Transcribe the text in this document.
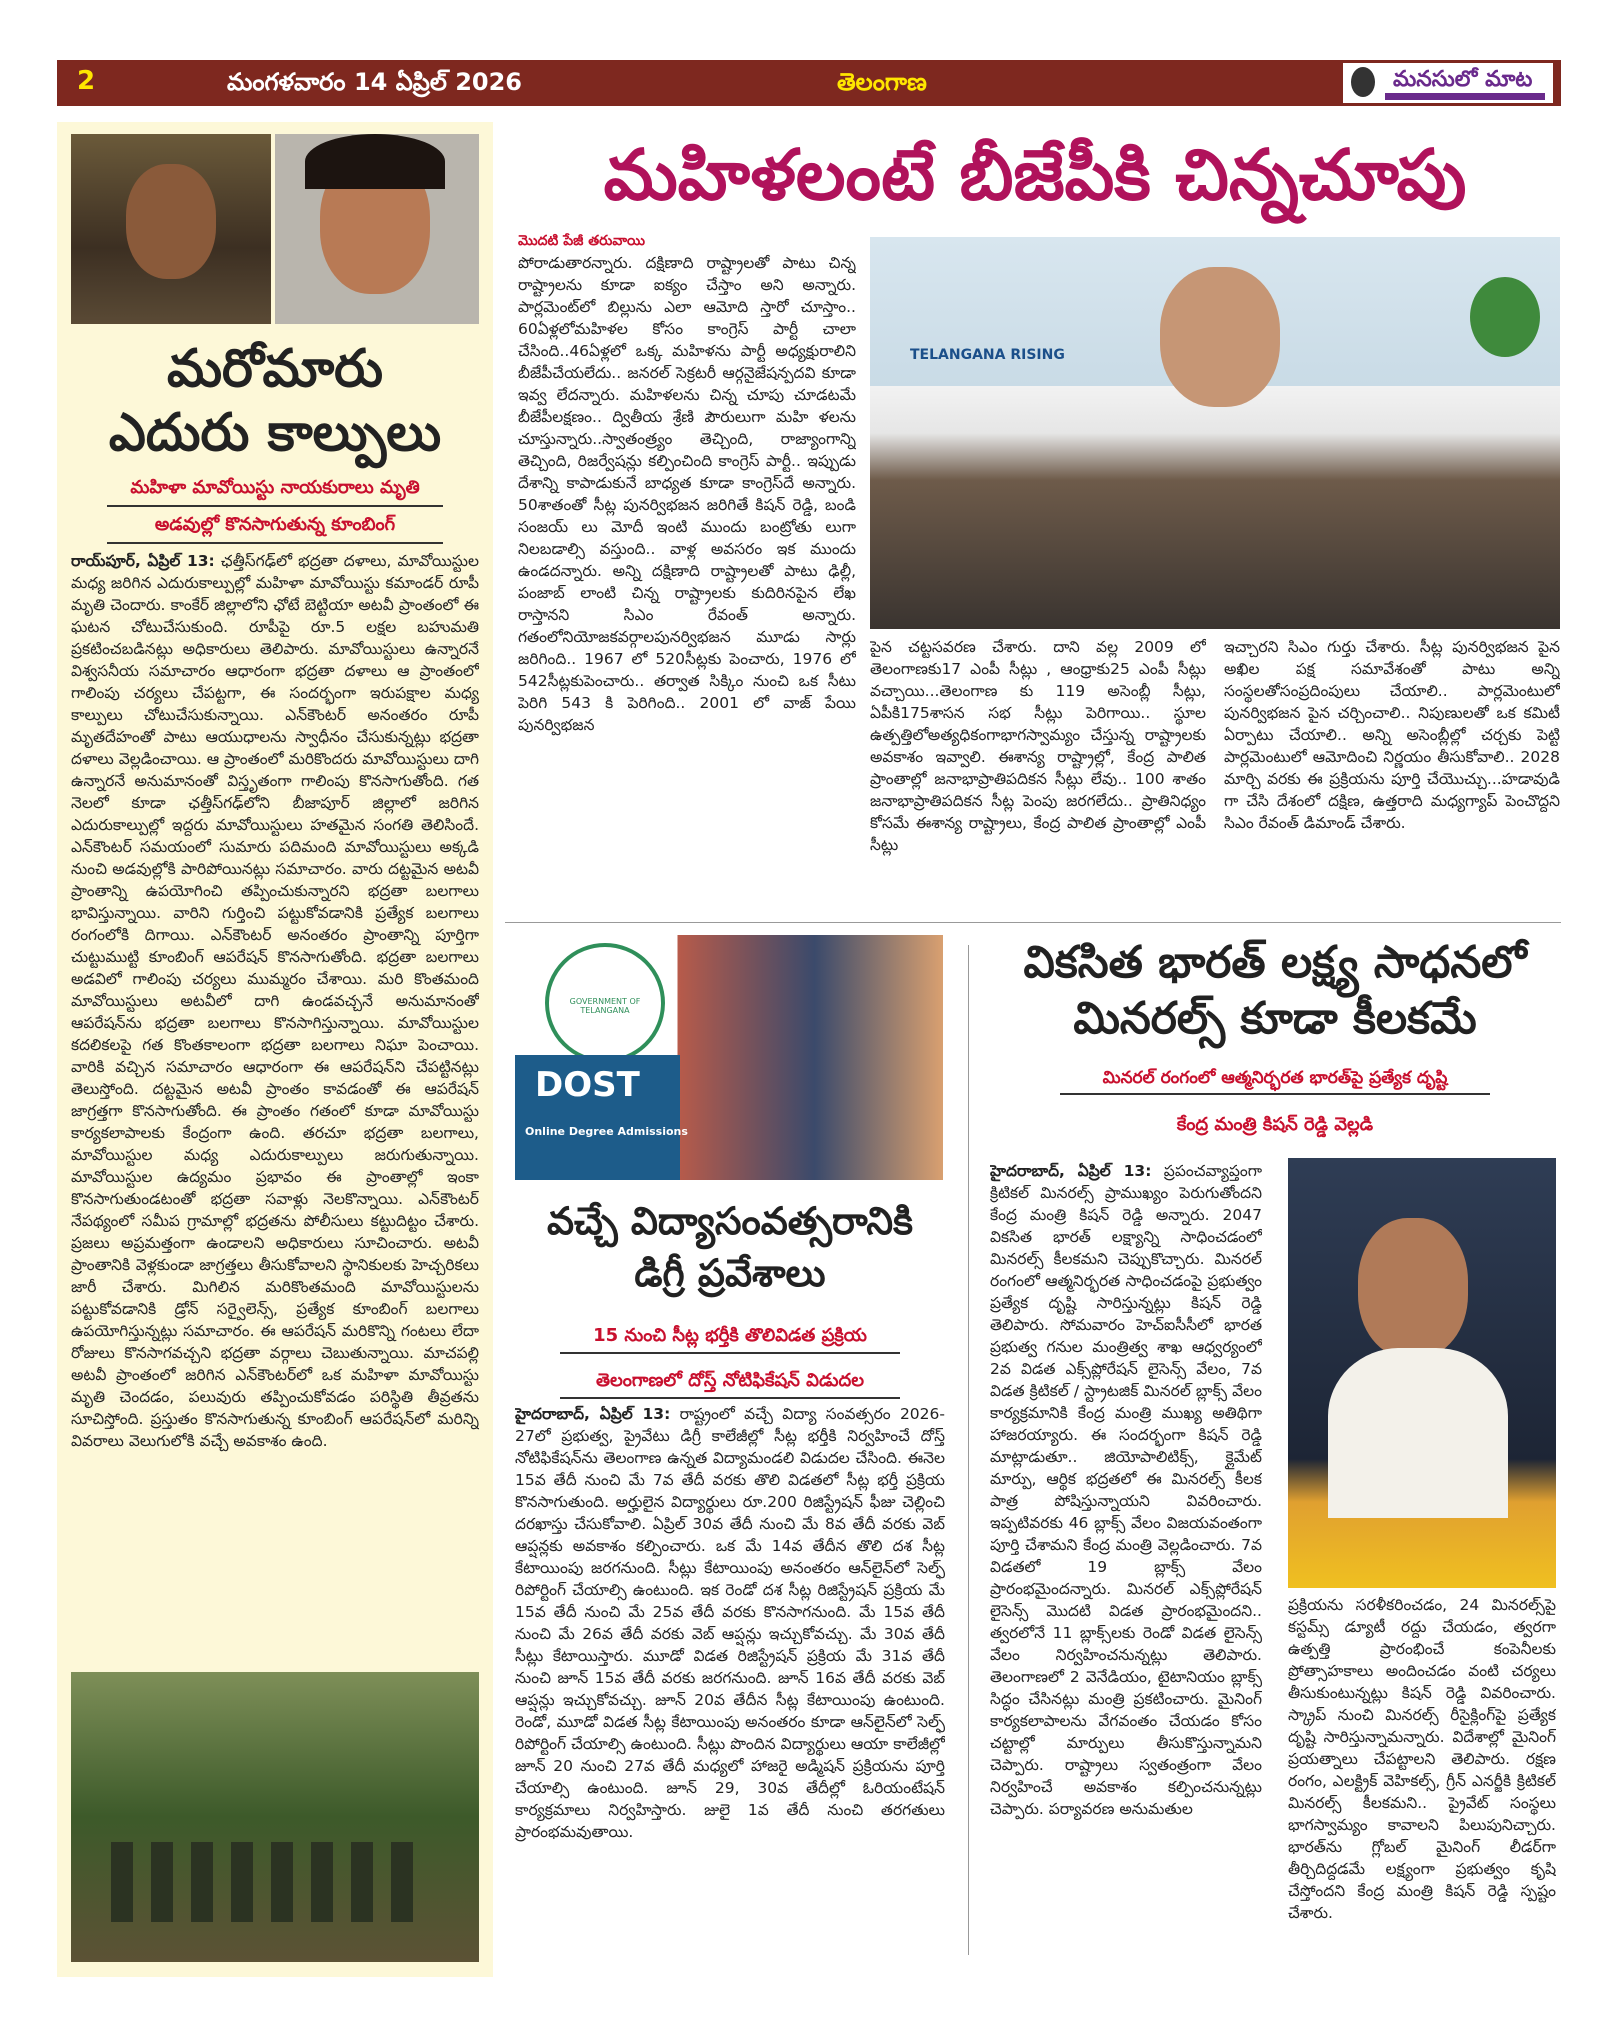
2	మంగళవారం 14 ఏప్రిల్ 2026	తెలంగాణ	మనసులో మాట
మరోమారు
ఎదురు కాల్పులు
మహిళా మావోయిస్టు నాయకురాలు మృతి
అడవుల్లో కొనసాగుతున్న కూంబింగ్
రాయ్‌పూర్, ఏప్రిల్ 13: ఛత్తీస్‌గఢ్‌లో భద్రతా దళాలు, మావోయిస్టుల మధ్య జరిగిన ఎదురుకాల్పుల్లో మహిళా మావోయిస్టు కమాండర్ రూపీ మృతి చెందారు. కాంకేర్ జిల్లాలోని ఛోటే బెట్టియా అటవీ ప్రాంతంలో ఈ ఘటన చోటుచేసుకుంది. రూపీపై రూ.5 లక్షల బహుమతి ప్రకటించబడినట్లు అధికారులు తెలిపారు. మావోయిస్టులు ఉన్నారనే విశ్వసనీయ సమాచారం ఆధారంగా భద్రతా దళాలు ఆ ప్రాంతంలో గాలింపు చర్యలు చేపట్టగా, ఈ సందర్భంగా ఇరుపక్షాల మధ్య కాల్పులు చోటుచేసుకున్నాయి. ఎన్‌కౌంటర్ అనంతరం రూపీ మృతదేహంతో పాటు ఆయుధాలను స్వాధీనం చేసుకున్నట్లు భద్రతా దళాలు వెల్లడించాయి. ఆ ప్రాంతంలో మరికొందరు మావోయిస్టులు దాగి ఉన్నారనే అనుమానంతో విస్తృతంగా గాలింపు కొనసాగుతోంది. గత నెలలో కూడా ఛత్తీస్‌గఢ్‌లోని బీజాపూర్ జిల్లాలో జరిగిన ఎదురుకాల్పుల్లో ఇద్దరు మావోయిస్టులు హతమైన సంగతి తెలిసిందే. ఎన్‌కౌంటర్ సమయంలో సుమారు పదిమంది మావోయిస్టులు అక్కడి నుంచి అడవుల్లోకి పారిపోయినట్లు సమాచారం. వారు దట్టమైన అటవీ ప్రాంతాన్ని ఉపయోగించి తప్పించుకున్నారని భద్రతా బలగాలు భావిస్తున్నాయి. వారిని గుర్తించి పట్టుకోవడానికి ప్రత్యేక బలగాలు రంగంలోకి దిగాయి. ఎన్‌కౌంటర్ అనంతరం ప్రాంతాన్ని పూర్తిగా చుట్టుముట్టి కూంబింగ్ ఆపరేషన్ కొనసాగుతోంది. భద్రతా బలగాలు అడవిలో గాలింపు చర్యలు ముమ్మరం చేశాయి. మరి కొంతమంది మావోయిస్టులు అటవీలో దాగి ఉండవచ్చనే అనుమానంతో ఆపరేషన్‌ను భద్రతా బలగాలు కొనసాగిస్తున్నాయి. మావోయిస్టుల కదలికలపై గత కొంతకాలంగా భద్రతా బలగాలు నిఘా పెంచాయి. వారికి వచ్చిన సమాచారం ఆధారంగా ఈ ఆపరేషన్‌ని చేపట్టినట్లు తెలుస్తోంది. దట్టమైన అటవీ ప్రాంతం కావడంతో ఈ ఆపరేషన్ జాగ్రత్తగా కొనసాగుతోంది. ఈ ప్రాంతం గతంలో కూడా మావోయిస్టు కార్యకలాపాలకు కేంద్రంగా ఉంది. తరచూ భద్రతా బలగాలు, మావోయిస్టుల మధ్య ఎదురుకాల్పులు జరుగుతున్నాయి. మావోయిస్టుల ఉద్యమం ప్రభావం ఈ ప్రాంతాల్లో ఇంకా కొనసాగుతుండటంతో భద్రతా సవాళ్లు నెలకొన్నాయి. ఎన్‌కౌంటర్ నేపథ్యంలో సమీప గ్రామాల్లో భద్రతను పోలీసులు కట్టుదిట్టం చేశారు. ప్రజలు అప్రమత్తంగా ఉండాలని అధికారులు సూచించారు. అటవీ ప్రాంతానికి వెళ్లకుండా జాగ్రత్తలు తీసుకోవాలని స్థానికులకు హెచ్చరికలు జారీ చేశారు. మిగిలిన మరికొంతమంది మావోయిస్టులను పట్టుకోవడానికి డ్రోన్ సర్వైలెన్స్, ప్రత్యేక కూంబింగ్ బలగాలు ఉపయోగిస్తున్నట్లు సమాచారం. ఈ ఆపరేషన్ మరికొన్ని గంటలు లేదా రోజులు కొనసాగవచ్చని భద్రతా వర్గాలు చెబుతున్నాయి. మాచపల్లి అటవీ ప్రాంతంలో జరిగిన ఎన్‌కౌంటర్‌లో ఒక మహిళా మావోయిస్టు మృతి చెందడం, పలువురు తప్పించుకోవడం పరిస్థితి తీవ్రతను సూచిస్తోంది. ప్రస్తుతం కొనసాగుతున్న కూంబింగ్ ఆపరేషన్‌లో మరిన్ని వివరాలు వెలుగులోకి వచ్చే అవకాశం ఉంది.
మహిళలంటే బీజేపీకి చిన్నచూపు
మొదటి పేజీ తరువాయి
పోరాడుతారన్నారు. దక్షిణాది రాష్ట్రాలతో పాటు చిన్న రాష్ట్రాలను కూడా ఐక్యం చేస్తాం అని అన్నారు. పార్లమెంట్‌లో బిల్లును ఎలా ఆమోది స్తారో చూస్తాం.. 60ఏళ్లలోమహిళల కోసం కాంగ్రెస్ పార్టీ చాలా చేసింది..46ఏళ్లలో ఒక్క మహిళను పార్టీ అధ్యక్షురాలిని బీజేపీచేయలేదు.. జనరల్ సెక్రటరీ ఆర్గనైజేషన్పదవి కూడా ఇవ్వ లేదన్నారు. మహిళలను చిన్న చూపు చూడటమే బీజేపీలక్షణం.. ద్వితీయ శ్రేణి పౌరులుగా మహి ళలను చూస్తున్నారు..స్వాతంత్ర్యం తెచ్చింది, రాజ్యాంగాన్ని తెచ్చింది, రిజర్వేషన్లు కల్పించింది కాంగ్రెస్ పార్టీ.. ఇప్పుడు దేశాన్ని కాపాడుకునే బాధ్యత కూడా కాంగ్రెస్‌దే అన్నారు. 50శాతంతో సీట్ల పునర్విభజన జరిగితే కిషన్ రెడ్డి, బండి సంజయ్ లు మోదీ ఇంటి ముందు బంట్రోతు లుగా నిలబడాల్సి వస్తుంది.. వాళ్ల అవసరం ఇక ముందు ఉండదన్నారు. అన్ని దక్షిణాది రాష్ట్రాలతో పాటు ఢిల్లీ, పంజాబ్ లాంటి చిన్న రాష్ట్రాలకు కుదిరినపైన లేఖ రాస్తానని సిఎం రేవంత్ అన్నారు. గతంలోనియోజకవర్గాలపునర్విభజన మూడు సార్లు జరిగింది.. 1967 లో 520సీట్లకు పెంచారు, 1976 లో 542సీట్లకుపెంచారు.. తర్వాత సిక్కిం నుంచి ఒక సీటు పెరిగి 543 కి పెరిగింది.. 2001 లో వాజ్ పేయి పునర్విభజన
TELANGANA RISING
పైన చట్టసవరణ చేశారు. దాని వల్ల 2009 లో తెలంగాణకు17 ఎంపీ సీట్లు , ఆంధ్రాకు25 ఎంపీ సీట్లు వచ్చాయి...తెలంగాణ కు 119 అసెంబ్లీ సీట్లు, ఏపీకి175శాసన సభ సీట్లు పెరిగాయి.. స్థూల ఉత్పత్తిలోఅత్యధికంగాభాగస్వామ్యం చేస్తున్న రాష్ట్రాలకు అవకాశం ఇవ్వాలి. ఈశాన్య రాష్ట్రాల్లో, కేంద్ర పాలిత ప్రాంతాల్లో జనాభాప్రాతిపదికన సీట్లు లేవు.. 100 శాతం జనాభాప్రాతిపదికన సీట్ల పెంపు జరగలేదు.. ప్రాతినిధ్యం కోసమే ఈశాన్య రాష్ట్రాలు, కేంద్ర పాలిత ప్రాంతాల్లో ఎంపీ సీట్లు
ఇచ్చారని సిఎం గుర్తు చేశారు. సీట్ల పునర్విభజన పైన అఖిల పక్ష సమావేశంతో పాటు అన్ని సంస్థలతోసంప్రదింపులు చేయాలి.. పార్లమెంటులో పునర్విభజన పైన చర్చించాలి.. నిపుణులతో ఒక కమిటీ ఏర్పాటు చేయాలి.. అన్ని అసెంబ్లీల్లో చర్చకు పెట్టి పార్లమెంటులో ఆమోదించి నిర్ణయం తీసుకోవాలి.. 2028 మార్చి వరకు ఈ ప్రక్రియను పూర్తి చేయొచ్చు...హడావుడి గా చేసి దేశంలో దక్షిణ, ఉత్తరాది మధ్యగ్యాప్ పెంచొద్దని సిఎం రేవంత్ డిమాండ్ చేశారు.
GOVERNMENT OF TELANGANA
DOST
Online Degree Admissions
వచ్చే విద్యాసంవత్సరానికి
డిగ్రీ ప్రవేశాలు
15 నుంచి సీట్ల భర్తీకి తొలివిడత ప్రక్రియ
తెలంగాణలో దోస్త్ నోటిఫికేషన్ విడుదల
హైదరాబాద్, ఏప్రిల్ 13: రాష్ట్రంలో వచ్చే విద్యా సంవత్సరం 2026-27లో ప్రభుత్వ, ప్రైవేటు డిగ్రీ కాలేజీల్లో సీట్ల భర్తీకి నిర్వహించే దోస్త్ నోటిఫికేషన్‌ను తెలంగాణ ఉన్నత విద్యామండలి విడుదల చేసింది. ఈనెల 15వ తేదీ నుంచి మే 7వ తేదీ వరకు తొలి విడతలో సీట్ల భర్తీ ప్రక్రియ కొనసాగుతుంది. అర్హులైన విద్యార్థులు రూ.200 రిజిస్ట్రేషన్ ఫీజు చెల్లించి దరఖాస్తు చేసుకోవాలి. ఏప్రిల్ 30వ తేదీ నుంచి మే 8వ తేదీ వరకు వెబ్ ఆప్షన్లకు అవకాశం కల్పించారు. ఒక మే 14వ తేదీన తొలి దశ సీట్ల కేటాయింపు జరగనుంది. సీట్లు కేటాయింపు అనంతరం ఆన్‌లైన్‌లో సెల్ఫ్ రిపోర్టింగ్ చేయాల్సి ఉంటుంది. ఇక రెండో దశ సీట్ల రిజిస్ట్రేషన్ ప్రక్రియ మే 15వ తేదీ నుంచి మే 25వ తేదీ వరకు కొనసాగనుంది. మే 15వ తేదీ నుంచి మే 26వ తేదీ వరకు వెబ్ ఆప్షన్లు ఇచ్చుకోవచ్చు. మే 30వ తేదీ సీట్లు కేటాయిస్తారు. మూడో విడత రిజిస్ట్రేషన్ ప్రక్రియ మే 31వ తేదీ నుంచి జూన్ 15వ తేదీ వరకు జరగనుంది. జూన్ 16వ తేదీ వరకు వెబ్ ఆప్షన్లు ఇచ్చుకోవచ్చు. జూన్ 20వ తేదీన సీట్ల కేటాయింపు ఉంటుంది. రెండో, మూడో విడత సీట్ల కేటాయింపు అనంతరం కూడా ఆన్‌లైన్‌లో సెల్ఫ్ రిపోర్టింగ్ చేయాల్సి ఉంటుంది. సీట్లు పొందిన విద్యార్థులు ఆయా కాలేజీల్లో జూన్ 20 నుంచి 27వ తేదీ మధ్యలో హాజరై అడ్మిషన్ ప్రక్రియను పూర్తి చేయాల్సి ఉంటుంది. జూన్ 29, 30వ తేదీల్లో ఓరియంటేషన్ కార్యక్రమాలు నిర్వహిస్తారు. జులై 1వ తేదీ నుంచి తరగతులు ప్రారంభమవుతాయి.
వికసిత భారత్ లక్ష్య సాధనలో
మినరల్స్ కూడా కీలకమే
మినరల్ రంగంలో ఆత్మనిర్భరత భారత్‌పై ప్రత్యేక దృష్టి
కేంద్ర మంత్రి కిషన్ రెడ్డి వెల్లడి
హైదరాబాద్, ఏప్రిల్ 13: ప్రపంచవ్యాప్తంగా క్రిటికల్ మినరల్స్ ప్రాముఖ్యం పెరుగుతోందని కేంద్ర మంత్రి కిషన్ రెడ్డి అన్నారు. 2047 వికసిత భారత్ లక్ష్యాన్ని సాధించడంలో మినరల్స్ కీలకమని చెప్పుకొచ్చారు. మినరల్ రంగంలో ఆత్మనిర్భరత సాధించడంపై ప్రభుత్వం ప్రత్యేక దృష్టి సారిస్తున్నట్లు కిషన్ రెడ్డి తెలిపారు. సోమవారం హెచ్‌ఐసీసీలో భారత ప్రభుత్వ గనుల మంత్రిత్వ శాఖ ఆధ్వర్యంలో 2వ విడత ఎక్స్‌ప్లోరేషన్ లైసెన్స్ వేలం, 7వ విడత క్రిటికల్ / స్ట్రాటజిక్ మినరల్ బ్లాక్స్ వేలం కార్యక్రమానికి కేంద్ర మంత్రి ముఖ్య అతిథిగా హాజరయ్యారు. ఈ సందర్భంగా కిషన్ రెడ్డి మాట్లాడుతూ.. జియోపాలిటిక్స్, క్లైమేట్ మార్పు, ఆర్థిక భద్రతలో ఈ మినరల్స్ కీలక పాత్ర పోషిస్తున్నాయని వివరించారు. ఇప్పటివరకు 46 బ్లాక్స్ వేలం విజయవంతంగా పూర్తి చేశామని కేంద్ర మంత్రి వెల్లడించారు. 7వ విడతలో 19 బ్లాక్స్ వేలం ప్రారంభమైందన్నారు. మినరల్ ఎక్స్‌ప్లోరేషన్ లైసెన్స్ మొదటి విడత ప్రారంభమైందని.. త్వరలోనే 11 బ్లాక్స్‌లకు రెండో విడత లైసెన్స్ వేలం నిర్వహించనున్నట్లు తెలిపారు. తెలంగాణలో 2 వెనేడియం, టైటానియం బ్లాక్స్ సిద్ధం చేసినట్లు మంత్రి ప్రకటించారు. మైనింగ్ కార్యకలాపాలను వేగవంతం చేయడం కోసం చట్టాల్లో మార్పులు తీసుకొస్తున్నామని చెప్పారు. రాష్ట్రాలు స్వతంత్రంగా వేలం నిర్వహించే అవకాశం కల్పించనున్నట్లు చెప్పారు. పర్యావరణ అనుమతుల
ప్రక్రియను సరళీకరించడం, 24 మినరల్స్‌పై కస్టమ్స్ డ్యూటీ రద్దు చేయడం, త్వరగా ఉత్పత్తి ప్రారంభించే కంపెనీలకు ప్రోత్సాహకాలు అందించడం వంటి చర్యలు తీసుకుంటున్నట్లు కిషన్ రెడ్డి వివరించారు. స్క్రాప్ నుంచి మినరల్స్ రీసైక్లింగ్‌పై ప్రత్యేక దృష్టి సారిస్తున్నామన్నారు. విదేశాల్లో మైనింగ్ ప్రయత్నాలు చేపట్టాలని తెలిపారు. రక్షణ రంగం, ఎలక్ట్రిక్ వెహికల్స్, గ్రీన్ ఎనర్జీకి క్రిటికల్ మినరల్స్ కీలకమని.. ప్రైవేట్ సంస్థలు భాగస్వామ్యం కావాలని పిలుపునిచ్చారు. భారత్‌ను గ్లోబల్ మైనింగ్ లీడర్‌గా తీర్చిదిద్దడమే లక్ష్యంగా ప్రభుత్వం కృషి చేస్తోందని కేంద్ర మంత్రి కిషన్ రెడ్డి స్పష్టం చేశారు.
